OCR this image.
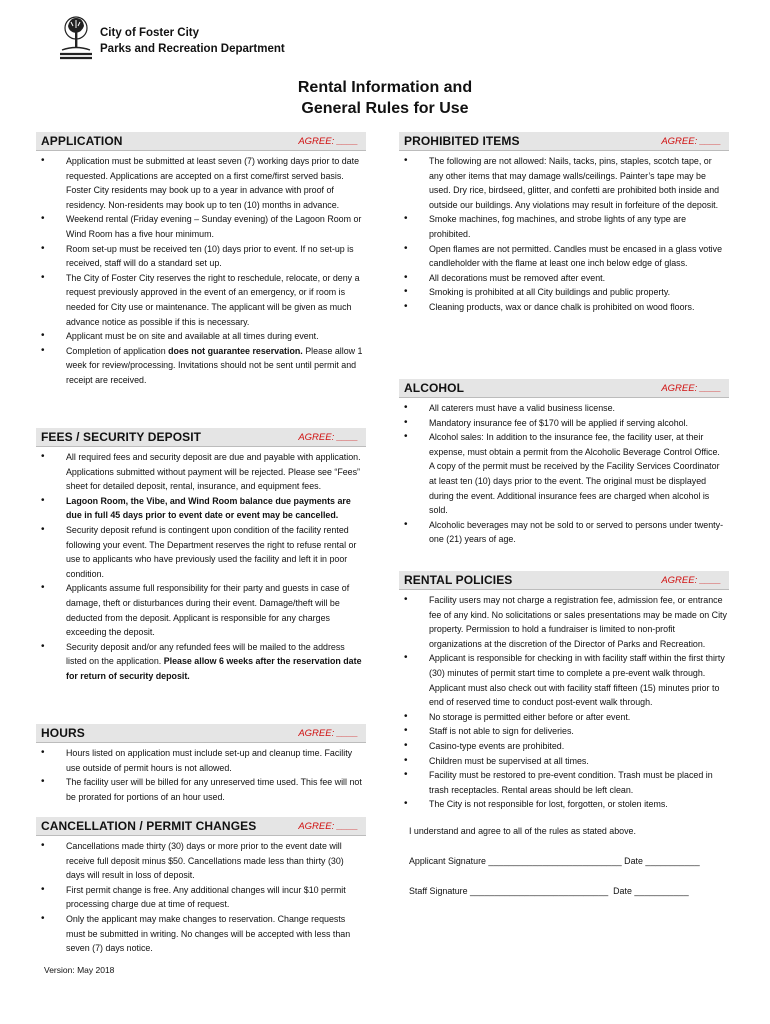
City of Foster City
Parks and Recreation Department
Rental Information and
General Rules for Use
APPLICATION	AGREE: ____
• Application must be submitted at least seven (7) working days prior to date requested. Applications are accepted on a first come/first served basis. Foster City residents may book up to a year in advance with proof of residency. Non-residents may book up to ten (10) months in advance.
• Weekend rental (Friday evening – Sunday evening) of the Lagoon Room or Wind Room has a five hour minimum.
• Room set-up must be received ten (10) days prior to event. If no set-up is received, staff will do a standard set up.
• The City of Foster City reserves the right to reschedule, relocate, or deny a request previously approved in the event of an emergency, or if room is needed for City use or maintenance. The applicant will be given as much advance notice as possible if this is necessary.
• Applicant must be on site and available at all times during event.
• Completion of application does not guarantee reservation. Please allow 1 week for review/processing. Invitations should not be sent until permit and receipt are received.
FEES / SECURITY DEPOSIT	AGREE: ____
• All required fees and security deposit are due and payable with application. Applications submitted without payment will be rejected. Please see “Fees” sheet for detailed deposit, rental, insurance, and equipment fees.
• Lagoon Room, the Vibe, and Wind Room balance due payments are due in full 45 days prior to event date or event may be cancelled.
• Security deposit refund is contingent upon condition of the facility rented following your event. The Department reserves the right to refuse rental or use to applicants who have previously used the facility and left it in poor condition.
• Applicants assume full responsibility for their party and guests in case of damage, theft or disturbances during their event. Damage/theft will be deducted from the deposit. Applicant is responsible for any charges exceeding the deposit.
• Security deposit and/or any refunded fees will be mailed to the address listed on the application. Please allow 6 weeks after the reservation date for return of security deposit.
HOURS	AGREE: ____
• Hours listed on application must include set-up and cleanup time. Facility use outside of permit hours is not allowed.
• The facility user will be billed for any unreserved time used. This fee will not be prorated for portions of an hour used.
CANCELLATION / PERMIT CHANGES	AGREE: ____
• Cancellations made thirty (30) days or more prior to the event date will receive full deposit minus $50. Cancellations made less than thirty (30) days will result in loss of deposit.
• First permit change is free. Any additional changes will incur $10 permit processing charge due at time of request.
• Only the applicant may make changes to reservation. Change requests must be submitted in writing. No changes will be accepted with less than seven (7) days notice.
PROHIBITED ITEMS	AGREE: ____
• The following are not allowed: Nails, tacks, pins, staples, scotch tape, or any other items that may damage walls/ceilings. Painter’s tape may be used. Dry rice, birdseed, glitter, and confetti are prohibited both inside and outside our buildings. Any violations may result in forfeiture of the deposit.
• Smoke machines, fog machines, and strobe lights of any type are prohibited.
• Open flames are not permitted. Candles must be encased in a glass votive candleholder with the flame at least one inch below edge of glass.
• All decorations must be removed after event.
• Smoking is prohibited at all City buildings and public property.
• Cleaning products, wax or dance chalk is prohibited on wood floors.
ALCOHOL	AGREE: ____
• All caterers must have a valid business license.
• Mandatory insurance fee of $170 will be applied if serving alcohol.
• Alcohol sales: In addition to the insurance fee, the facility user, at their expense, must obtain a permit from the Alcoholic Beverage Control Office. A copy of the permit must be received by the Facility Services Coordinator at least ten (10) days prior to the event. The original must be displayed during the event. Additional insurance fees are charged when alcohol is sold.
• Alcoholic beverages may not be sold to or served to persons under twenty-one (21) years of age.
RENTAL POLICIES	AGREE: ____
• Facility users may not charge a registration fee, admission fee, or entrance fee of any kind. No solicitations or sales presentations may be made on City property. Permission to hold a fundraiser is limited to non-profit organizations at the discretion of the Director of Parks and Recreation.
• Applicant is responsible for checking in with facility staff within the first thirty (30) minutes of permit start time to complete a pre-event walk through. Applicant must also check out with facility staff fifteen (15) minutes prior to end of reserved time to conduct post-event walk through.
• No storage is permitted either before or after event.
• Staff is not able to sign for deliveries.
• Casino-type events are prohibited.
• Children must be supervised at all times.
• Facility must be restored to pre-event condition. Trash must be placed in trash receptacles. Rental areas should be left clean.
• The City is not responsible for lost, forgotten, or stolen items.
I understand and agree to all of the rules as stated above.
Applicant Signature ___________________________ Date ___________
Staff Signature ____________________________  Date ___________
Version: May 2018
